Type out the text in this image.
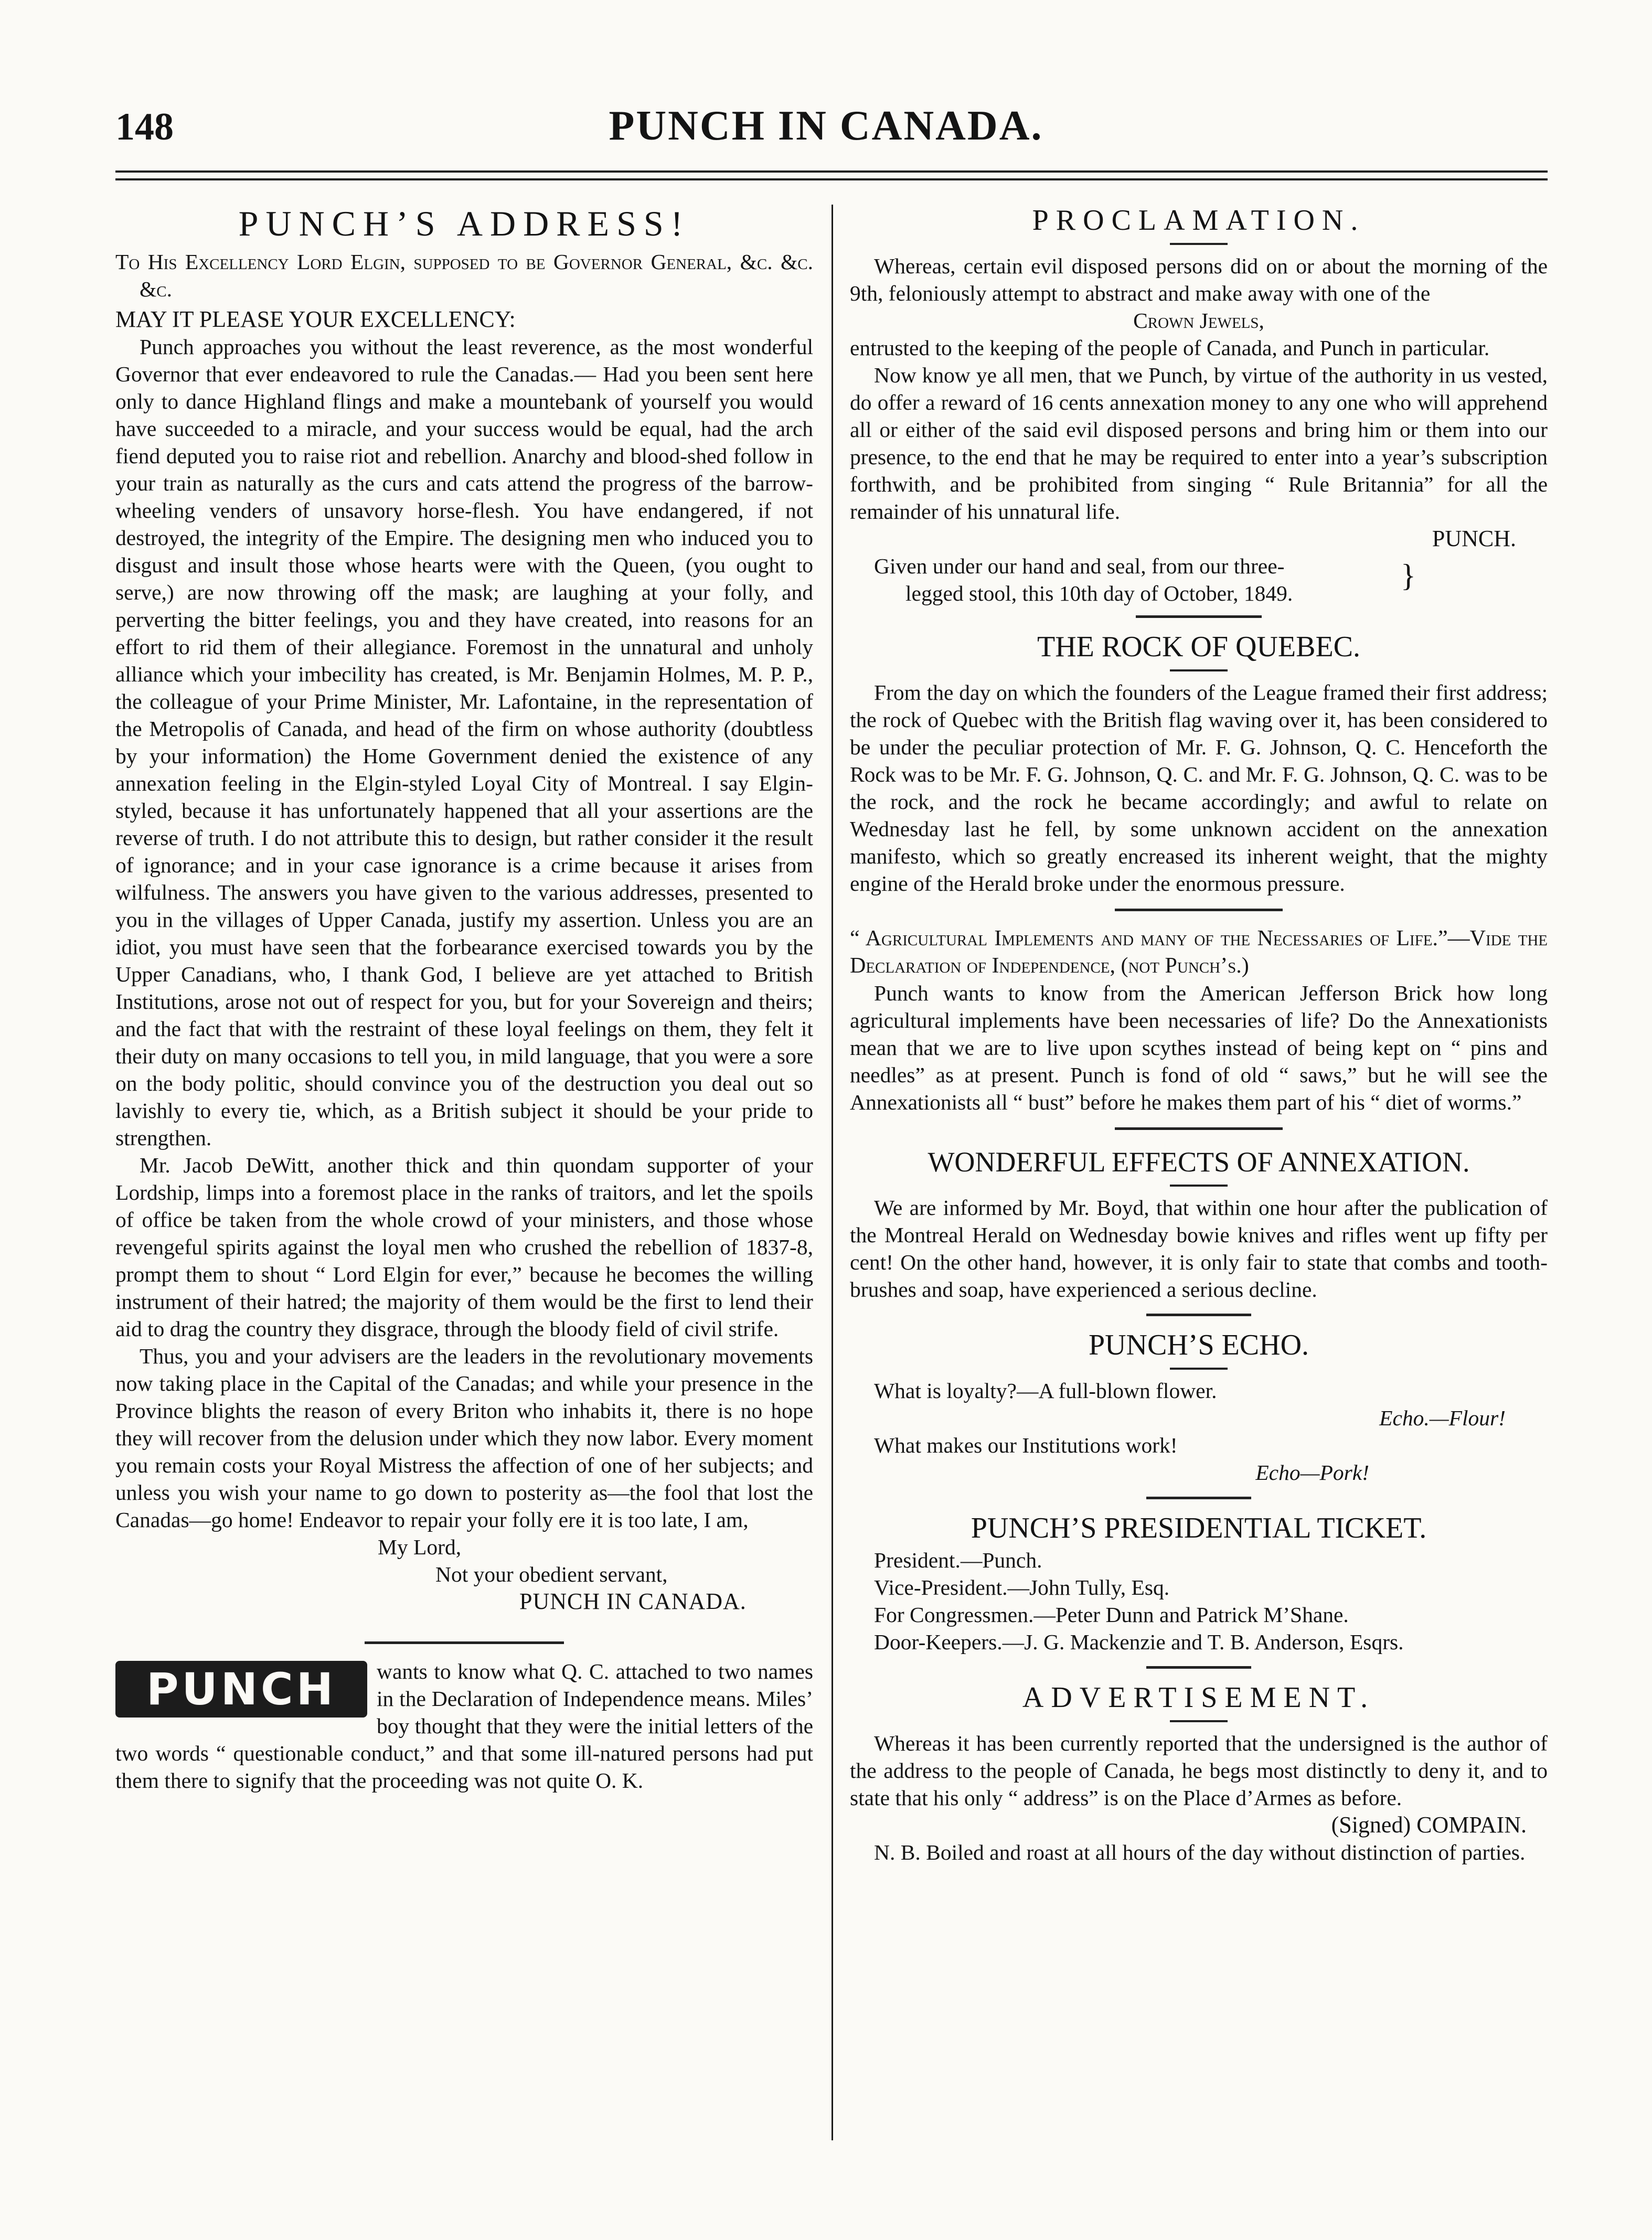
148	PUNCH IN CANADA.
PUNCH’S ADDRESS!

To His Excellency Lord Elgin, supposed to be Governor General, &c. &c. &c.

MAY IT PLEASE YOUR EXCELLENCY:

Punch approaches you without the least reverence, as the most wonderful Governor that ever endeavored to rule the Canadas.— Had you been sent here only to dance Highland flings and make a mountebank of yourself you would have succeeded to a miracle, and your success would be equal, had the arch fiend deputed you to raise riot and rebellion. Anarchy and blood-shed follow in your train as naturally as the curs and cats attend the progress of the barrow-wheeling venders of unsavory horse-flesh. You have endangered, if not destroyed, the integrity of the Empire. The designing men who induced you to disgust and insult those whose hearts were with the Queen, (you ought to serve,) are now throwing off the mask; are laughing at your folly, and perverting the bitter feelings, you and they have created, into reasons for an effort to rid them of their allegiance. Foremost in the unnatural and unholy alliance which your imbecility has created, is Mr. Benjamin Holmes, M. P. P., the colleague of your Prime Minister, Mr. Lafontaine, in the representation of the Metropolis of Canada, and head of the firm on whose authority (doubtless by your information) the Home Government denied the existence of any annexation feeling in the Elgin-styled Loyal City of Montreal. I say Elgin-styled, because it has unfortunately happened that all your assertions are the reverse of truth. I do not attribute this to design, but rather consider it the result of ignorance; and in your case ignorance is a crime because it arises from wilfulness. The answers you have given to the various addresses, presented to you in the villages of Upper Canada, justify my assertion. Unless you are an idiot, you must have seen that the forbearance exercised towards you by the Upper Canadians, who, I thank God, I believe are yet attached to British Institutions, arose not out of respect for you, but for your Sovereign and theirs; and the fact that with the restraint of these loyal feelings on them, they felt it their duty on many occasions to tell you, in mild language, that you were a sore on the body politic, should convince you of the destruction you deal out so lavishly to every tie, which, as a British subject it should be your pride to strengthen.

Mr. Jacob DeWitt, another thick and thin quondam supporter of your Lordship, limps into a foremost place in the ranks of traitors, and let the spoils of office be taken from the whole crowd of your ministers, and those whose revengeful spirits against the loyal men who crushed the rebellion of 1837-8, prompt them to shout “ Lord Elgin for ever,” because he becomes the willing instrument of their hatred; the majority of them would be the first to lend their aid to drag the country they disgrace, through the bloody field of civil strife.

Thus, you and your advisers are the leaders in the revolutionary movements now taking place in the Capital of the Canadas; and while your presence in the Province blights the reason of every Briton who inhabits it, there is no hope they will recover from the delusion under which they now labor. Every moment you remain costs your Royal Mistress the affection of one of her subjects; and unless you wish your name to go down to posterity as—the fool that lost the Canadas—go home! Endeavor to repair your folly ere it is too late, I am,

My Lord,

Not your obedient servant,

PUNCH IN CANADA.

PUNCH	wants to know what Q. C. attached to two names in the Declaration of Independence means. Miles’ boy thought that they were the initial letters of the two words “ questionable conduct,” and that some ill-natured persons had put them there to signify that the proceeding was not quite O. K.

PROCLAMATION.

Whereas, certain evil disposed persons did on or about the morning of the 9th, feloniously attempt to abstract and make away with one of the

Crown Jewels,

entrusted to the keeping of the people of Canada, and Punch in particular.

Now know ye all men, that we Punch, by virtue of the authority in us vested, do offer a reward of 16 cents annexation money to any one who will apprehend all or either of the said evil disposed persons and bring him or them into our presence, to the end that he may be required to enter into a year’s subscription forthwith, and be prohibited from singing “ Rule Britannia” for all the remainder of his unnatural life.

PUNCH.

Given under our hand and seal, from our three-

legged stool, this 10th day of October, 1849.

}
THE ROCK OF QUEBEC.

From the day on which the founders of the League framed their first address; the rock of Quebec with the British flag waving over it, has been considered to be under the peculiar protection of Mr. F. G. Johnson, Q. C. Henceforth the Rock was to be Mr. F. G. Johnson, Q. C. and Mr. F. G. Johnson, Q. C. was to be the rock, and the rock he became accordingly; and awful to relate on Wednesday last he fell, by some unknown accident on the annexation manifesto, which so greatly encreased its inherent weight, that the mighty engine of the Herald broke under the enormous pressure.

“ Agricultural Implements and many of the Necessaries of Life.”—Vide the Declaration of Independence, (not Punch’s.)

Punch wants to know from the American Jefferson Brick how long agricultural implements have been necessaries of life? Do the Annexationists mean that we are to live upon scythes instead of being kept on “ pins and needles” as at present. Punch is fond of old “ saws,” but he will see the Annexationists all “ bust” before he makes them part of his “ diet of worms.”

WONDERFUL EFFECTS OF ANNEXATION.

We are informed by Mr. Boyd, that within one hour after the publication of the Montreal Herald on Wednesday bowie knives and rifles went up fifty per cent! On the other hand, however, it is only fair to state that combs and tooth-brushes and soap, have experienced a serious decline.

PUNCH’S ECHO.

What is loyalty?—A full-blown flower.

Echo.—Flour!

What makes our Institutions work!

Echo—Pork!

PUNCH’S PRESIDENTIAL TICKET.

President.—Punch.

Vice-President.—John Tully, Esq.

For Congressmen.—Peter Dunn and Patrick M’Shane.

Door-Keepers.—J. G. Mackenzie and T. B. Anderson, Esqrs.

ADVERTISEMENT.

Whereas it has been currently reported that the undersigned is the author of the address to the people of Canada, he begs most distinctly to deny it, and to state that his only “ address” is on the Place d’Armes as before.

(Signed) COMPAIN.

N. B. Boiled and roast at all hours of the day without distinction of parties.
